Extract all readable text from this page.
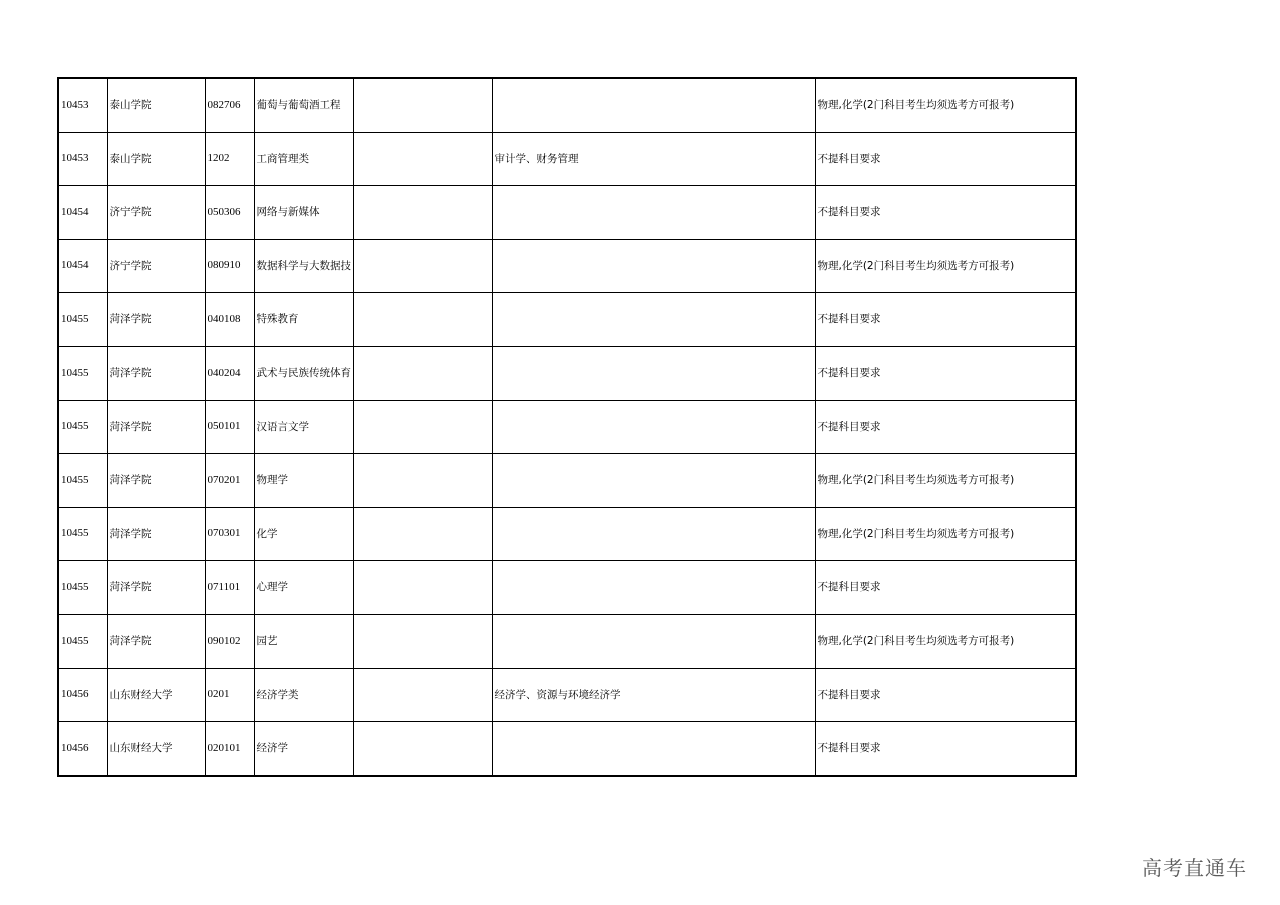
10453	泰山学院	082706	葡萄与葡萄酒工程			物理,化学(2门科目考生均须选考方可报考)
10453	泰山学院	1202	工商管理类		审计学、财务管理	不提科目要求
10454	济宁学院	050306	网络与新媒体			不提科目要求
10454	济宁学院	080910	数据科学与大数据技			物理,化学(2门科目考生均须选考方可报考)
10455	菏泽学院	040108	特殊教育			不提科目要求
10455	菏泽学院	040204	武术与民族传统体育			不提科目要求
10455	菏泽学院	050101	汉语言文学			不提科目要求
10455	菏泽学院	070201	物理学			物理,化学(2门科目考生均须选考方可报考)
10455	菏泽学院	070301	化学			物理,化学(2门科目考生均须选考方可报考)
10455	菏泽学院	071101	心理学			不提科目要求
10455	菏泽学院	090102	园艺			物理,化学(2门科目考生均须选考方可报考)
10456	山东财经大学	0201	经济学类		经济学、资源与环境经济学	不提科目要求
10456	山东财经大学	020101	经济学			不提科目要求
高考直通车
